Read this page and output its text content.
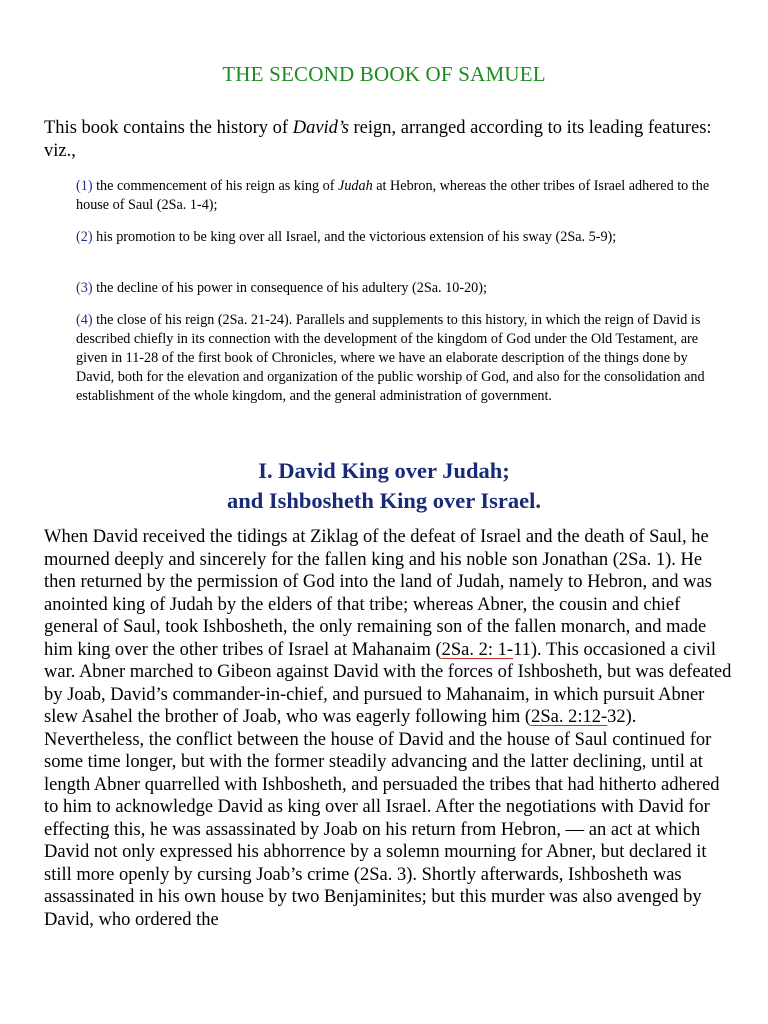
THE SECOND BOOK OF SAMUEL
This book contains the history of David’s reign, arranged according to its leading features: viz.,
(1) the commencement of his reign as king of Judah at Hebron, whereas the other tribes of Israel adhered to the house of Saul (2Sa. 1-4);
(2) his promotion to be king over all Israel, and the victorious extension of his sway (2Sa. 5-9);
(3) the decline of his power in consequence of his adultery (2Sa. 10-20);
(4) the close of his reign (2Sa. 21-24). Parallels and supplements to this history, in which the reign of David is described chiefly in its connection with the development of the kingdom of God under the Old Testament, are given in 11-28 of the first book of Chronicles, where we have an elaborate description of the things done by David, both for the elevation and organization of the public worship of God, and also for the consolidation and establishment of the whole kingdom, and the general administration of government.
I. David King over Judah;
and Ishbosheth King over Israel.
When David received the tidings at Ziklag of the defeat of Israel and the death of Saul, he mourned deeply and sincerely for the fallen king and his noble son Jonathan (2Sa. 1). He then returned by the permission of God into the land of Judah, namely to Hebron, and was anointed king of Judah by the elders of that tribe; whereas Abner, the cousin and chief general of Saul, took Ishbosheth, the only remaining son of the fallen monarch, and made him king over the other tribes of Israel at Mahanaim (2Sa. 2: 1-11). This occasioned a civil war. Abner marched to Gibeon against David with the forces of Ishbosheth, but was defeated by Joab, David’s commander-in-chief, and pursued to Mahanaim, in which pursuit Abner slew Asahel the brother of Joab, who was eagerly following him (2Sa. 2:12-32). Nevertheless, the conflict between the house of David and the house of Saul continued for some time longer, but with the former steadily advancing and the latter declining, until at length Abner quarrelled with Ishbosheth, and persuaded the tribes that had hitherto adhered to him to acknowledge David as king over all Israel. After the negotiations with David for effecting this, he was assassinated by Joab on his return from Hebron, — an act at which David not only expressed his abhorrence by a solemn mourning for Abner, but declared it still more openly by cursing Joab’s crime (2Sa. 3). Shortly afterwards, Ishbosheth was assassinated in his own house by two Benjaminites; but this murder was also avenged by David, who ordered the
